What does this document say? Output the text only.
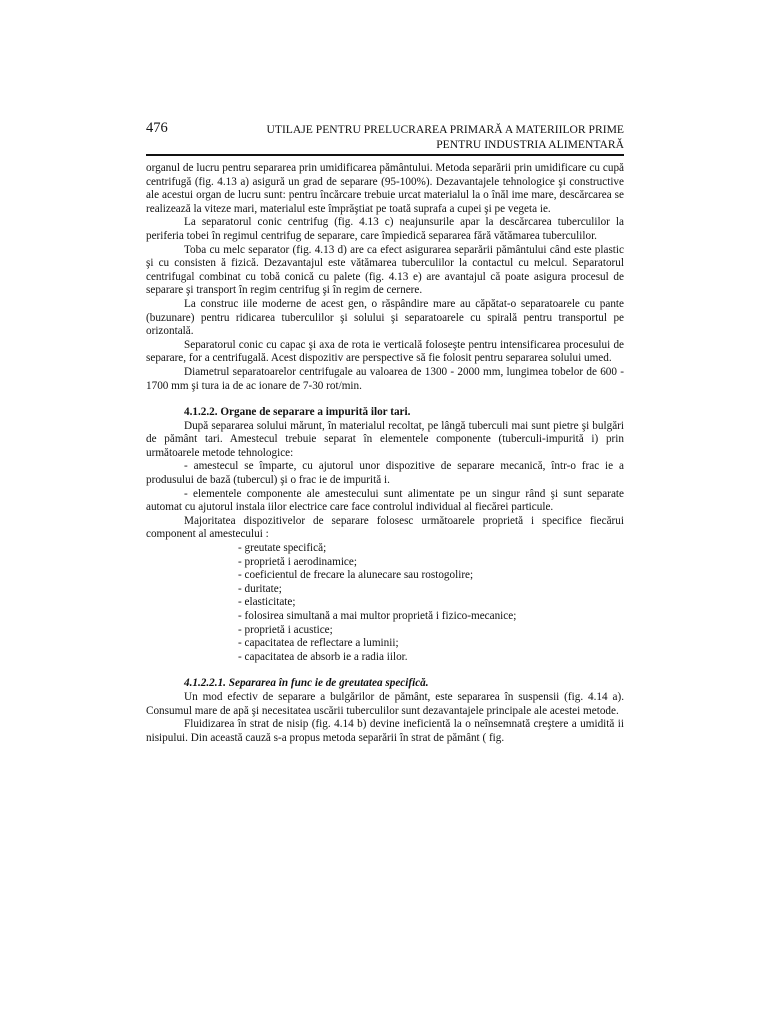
476	UTILAJE PENTRU PRELUCRAREA PRIMARĂ A MATERIILOR PRIME
PENTRU INDUSTRIA ALIMENTARĂ

organul de lucru pentru separarea prin umidificarea pământului. Metoda separării prin umidificare cu cupă centrifugă (fig. 4.13 a) asigură un grad de separare (95-100%). Dezavantajele tehnologice şi constructive ale acestui organ de lucru sunt: pentru încărcare trebuie urcat materialul la o înăl ime mare, descărcarea se realizează la viteze mari, materialul este împrăştiat pe toată suprafa a cupei şi pe vegeta ie.

La separatorul conic centrifug (fig. 4.13 c) neajunsurile apar la descărcarea tuberculilor la periferia tobei în regimul centrifug de separare, care împiedică separarea fără vătămarea tuberculilor.

Toba cu melc separator (fig. 4.13 d) are ca efect asigurarea separării pământului când este plastic şi cu consisten ă fizică. Dezavantajul este vătămarea tuberculilor la contactul cu melcul. Separatorul centrifugal combinat cu tobă conică cu palete (fig. 4.13 e) are avantajul că poate asigura procesul de separare şi transport în regim centrifug şi în regim de cernere.

La construc iile moderne de acest gen, o răspândire mare au căpătat-o separatoarele cu pante (buzunare) pentru ridicarea tuberculilor şi solului şi separatoarele cu spirală pentru transportul pe orizontală.

Separatorul conic cu capac şi axa de rota ie verticală foloseşte pentru intensificarea procesului de separare, for a centrifugală. Acest dispozitiv are perspective să fie folosit pentru separarea solului umed.

Diametrul separatoarelor centrifugale au valoarea de 1300 - 2000 mm, lungimea tobelor de 600 - 1700 mm şi tura ia de ac ionare de 7-30 rot/min.

4.1.2.2. Organe de separare a impurită ilor tari.

După separarea solului mărunt, în materialul recoltat, pe lângă tuberculi mai sunt pietre şi bulgări de pământ tari. Amestecul trebuie separat în elementele componente (tuberculi-impurită i) prin următoarele metode tehnologice:

- amestecul se împarte, cu ajutorul unor dispozitive de separare mecanică, într-o frac ie a produsului de bază (tubercul) şi o frac ie de impurită i.

- elementele componente ale amestecului sunt alimentate pe un singur rând şi sunt separate automat cu ajutorul instala iilor electrice care face controlul individual al fiecărei particule.

Majoritatea dispozitivelor de separare folosesc următoarele proprietă i specifice fiecărui component al amestecului :

- greutate specifică;
- proprietă i aerodinamice;
- coeficientul de frecare la alunecare sau rostogolire;
- duritate;
- elasticitate;
- folosirea simultană a mai multor proprietă i fizico-mecanice;
- proprietă i acustice;
- capacitatea de reflectare a luminii;
- capacitatea de absorb ie a radia iilor.
4.1.2.2.1. Separarea în func ie de greutatea specifică.

Un mod efectiv de separare a bulgărilor de pământ, este separarea în suspensii (fig. 4.14 a). Consumul mare de apă şi necesitatea uscării tuberculilor sunt dezavantajele principale ale acestei metode.

Fluidizarea în strat de nisip (fig. 4.14 b) devine ineficientă la o neînsemnată creştere a umidită ii nisipului. Din această cauză s-a propus metoda separării în strat de pământ ( fig.
